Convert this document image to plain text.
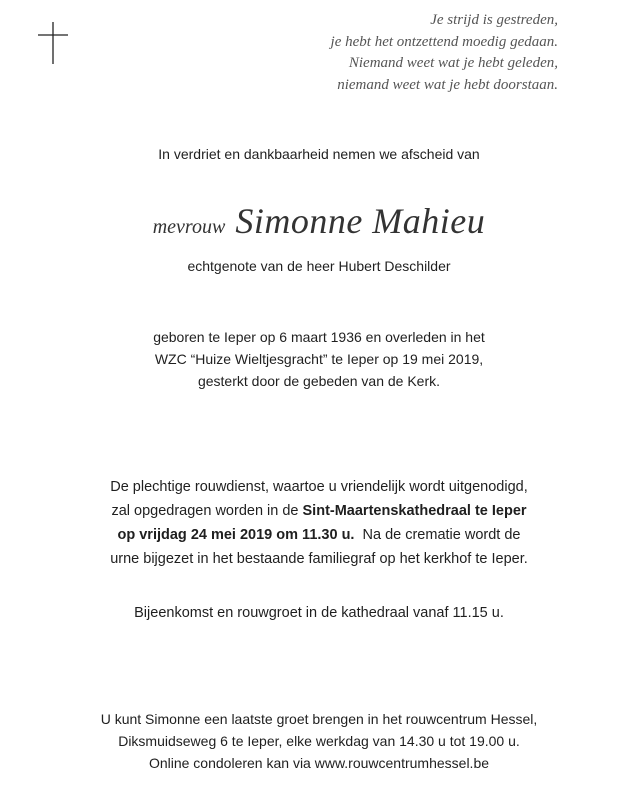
Je strijd is gestreden,
je hebt het ontzettend moedig gedaan.
Niemand weet wat je hebt geleden,
niemand weet wat je hebt doorstaan.
In verdriet en dankbaarheid nemen we afscheid van
mevrouw Simonne Mahieu
echtgenote van de heer Hubert Deschilder
geboren te Ieper op 6 maart 1936 en overleden in het
WZC “Huize Wieltjesgracht” te Ieper op 19 mei 2019,
gesterkt door de gebeden van de Kerk.
De plechtige rouwdienst, waartoe u vriendelijk wordt uitgenodigd,
zal opgedragen worden in de Sint-Maartenskathedraal te Ieper
op vrijdag 24 mei 2019 om 11.30 u.  Na de crematie wordt de
urne bijgezet in het bestaande familiegraf op het kerkhof te Ieper.
Bijeenkomst en rouwgroet in de kathedraal vanaf 11.15 u.
U kunt Simonne een laatste groet brengen in het rouwcentrum Hessel,
Diksmuidseweg 6 te Ieper, elke werkdag van 14.30 u tot 19.00 u.
Online condoleren kan via www.rouwcentrumhessel.be
